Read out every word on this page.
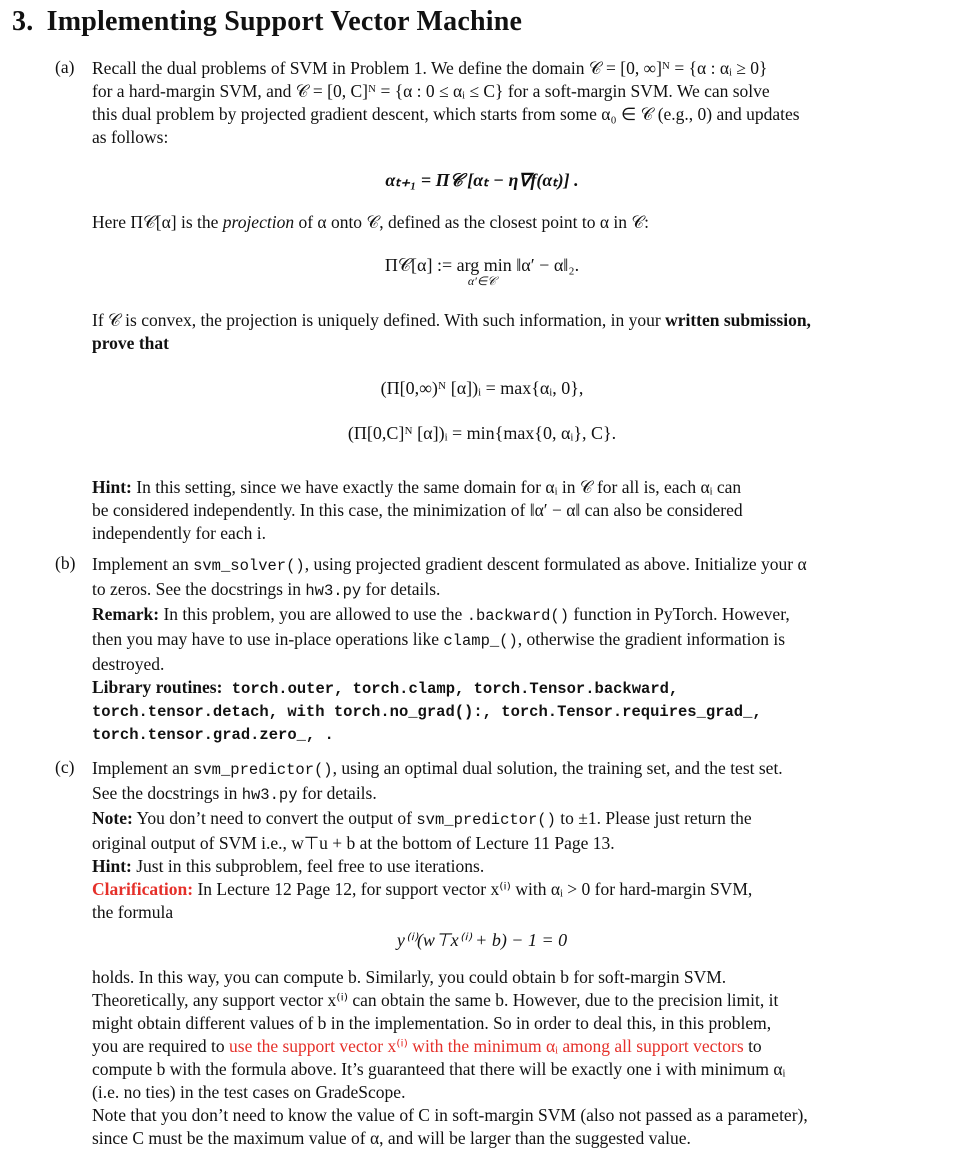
3. Implementing Support Vector Machine
(a) Recall the dual problems of SVM in Problem 1. We define the domain 𝒞 = [0, ∞]ᴺ = {α : αᵢ ≥ 0}
for a hard-margin SVM, and 𝒞 = [0, C]ᴺ = {α : 0 ≤ αᵢ ≤ C} for a soft-margin SVM. We can solve
this dual problem by projected gradient descent, which starts from some α₀ ∈ 𝒞 (e.g., 0) and updates
as follows:
αₜ₊₁ = Π𝒞 [αₜ − η∇f(αₜ)] .
Here Π𝒞[α] is the projection of α onto 𝒞, defined as the closest point to α in 𝒞:
Π𝒞[α] := arg min ‖α′ − α‖₂.
α′∈𝒞
If 𝒞 is convex, the projection is uniquely defined. With such information, in your written submission,
prove that
(Π[0,∞)ᴺ [α])ᵢ = max{αᵢ, 0},
(Π[0,C]ᴺ [α])ᵢ = min{max{0, αᵢ}, C}.
Hint: In this setting, since we have exactly the same domain for αᵢ in 𝒞 for all is, each αᵢ can
be considered independently. In this case, the minimization of ‖α′ − α‖ can also be considered
independently for each i.
(b) Implement an svm_solver(), using projected gradient descent formulated as above. Initialize your α
to zeros. See the docstrings in hw3.py for details.
Remark: In this problem, you are allowed to use the .backward() function in PyTorch. However,
then you may have to use in-place operations like clamp_(), otherwise the gradient information is
destroyed.
Library routines: torch.outer, torch.clamp, torch.Tensor.backward,
torch.tensor.detach, with torch.no_grad():, torch.Tensor.requires_grad_,
torch.tensor.grad.zero_, .
(c) Implement an svm_predictor(), using an optimal dual solution, the training set, and the test set.
See the docstrings in hw3.py for details.
Note: You don’t need to convert the output of svm_predictor() to ±1. Please just return the
original output of SVM i.e., w⊤u + b at the bottom of Lecture 11 Page 13.
Hint: Just in this subproblem, feel free to use iterations.
Clarification: In Lecture 12 Page 12, for support vector x⁽ⁱ⁾ with αᵢ > 0 for hard-margin SVM,
the formula
y⁽ⁱ⁾(w⊤x⁽ⁱ⁾ + b) − 1 = 0
holds. In this way, you can compute b. Similarly, you could obtain b for soft-margin SVM.
Theoretically, any support vector x⁽ⁱ⁾ can obtain the same b. However, due to the precision limit, it
might obtain different values of b in the implementation. So in order to deal this, in this problem,
you are required to use the support vector x⁽ⁱ⁾ with the minimum αᵢ among all support vectors to
compute b with the formula above. It’s guaranteed that there will be exactly one i with minimum αᵢ
(i.e. no ties) in the test cases on GradeScope.
Note that you don’t need to know the value of C in soft-margin SVM (also not passed as a parameter),
since C must be the maximum value of α, and will be larger than the suggested value.
